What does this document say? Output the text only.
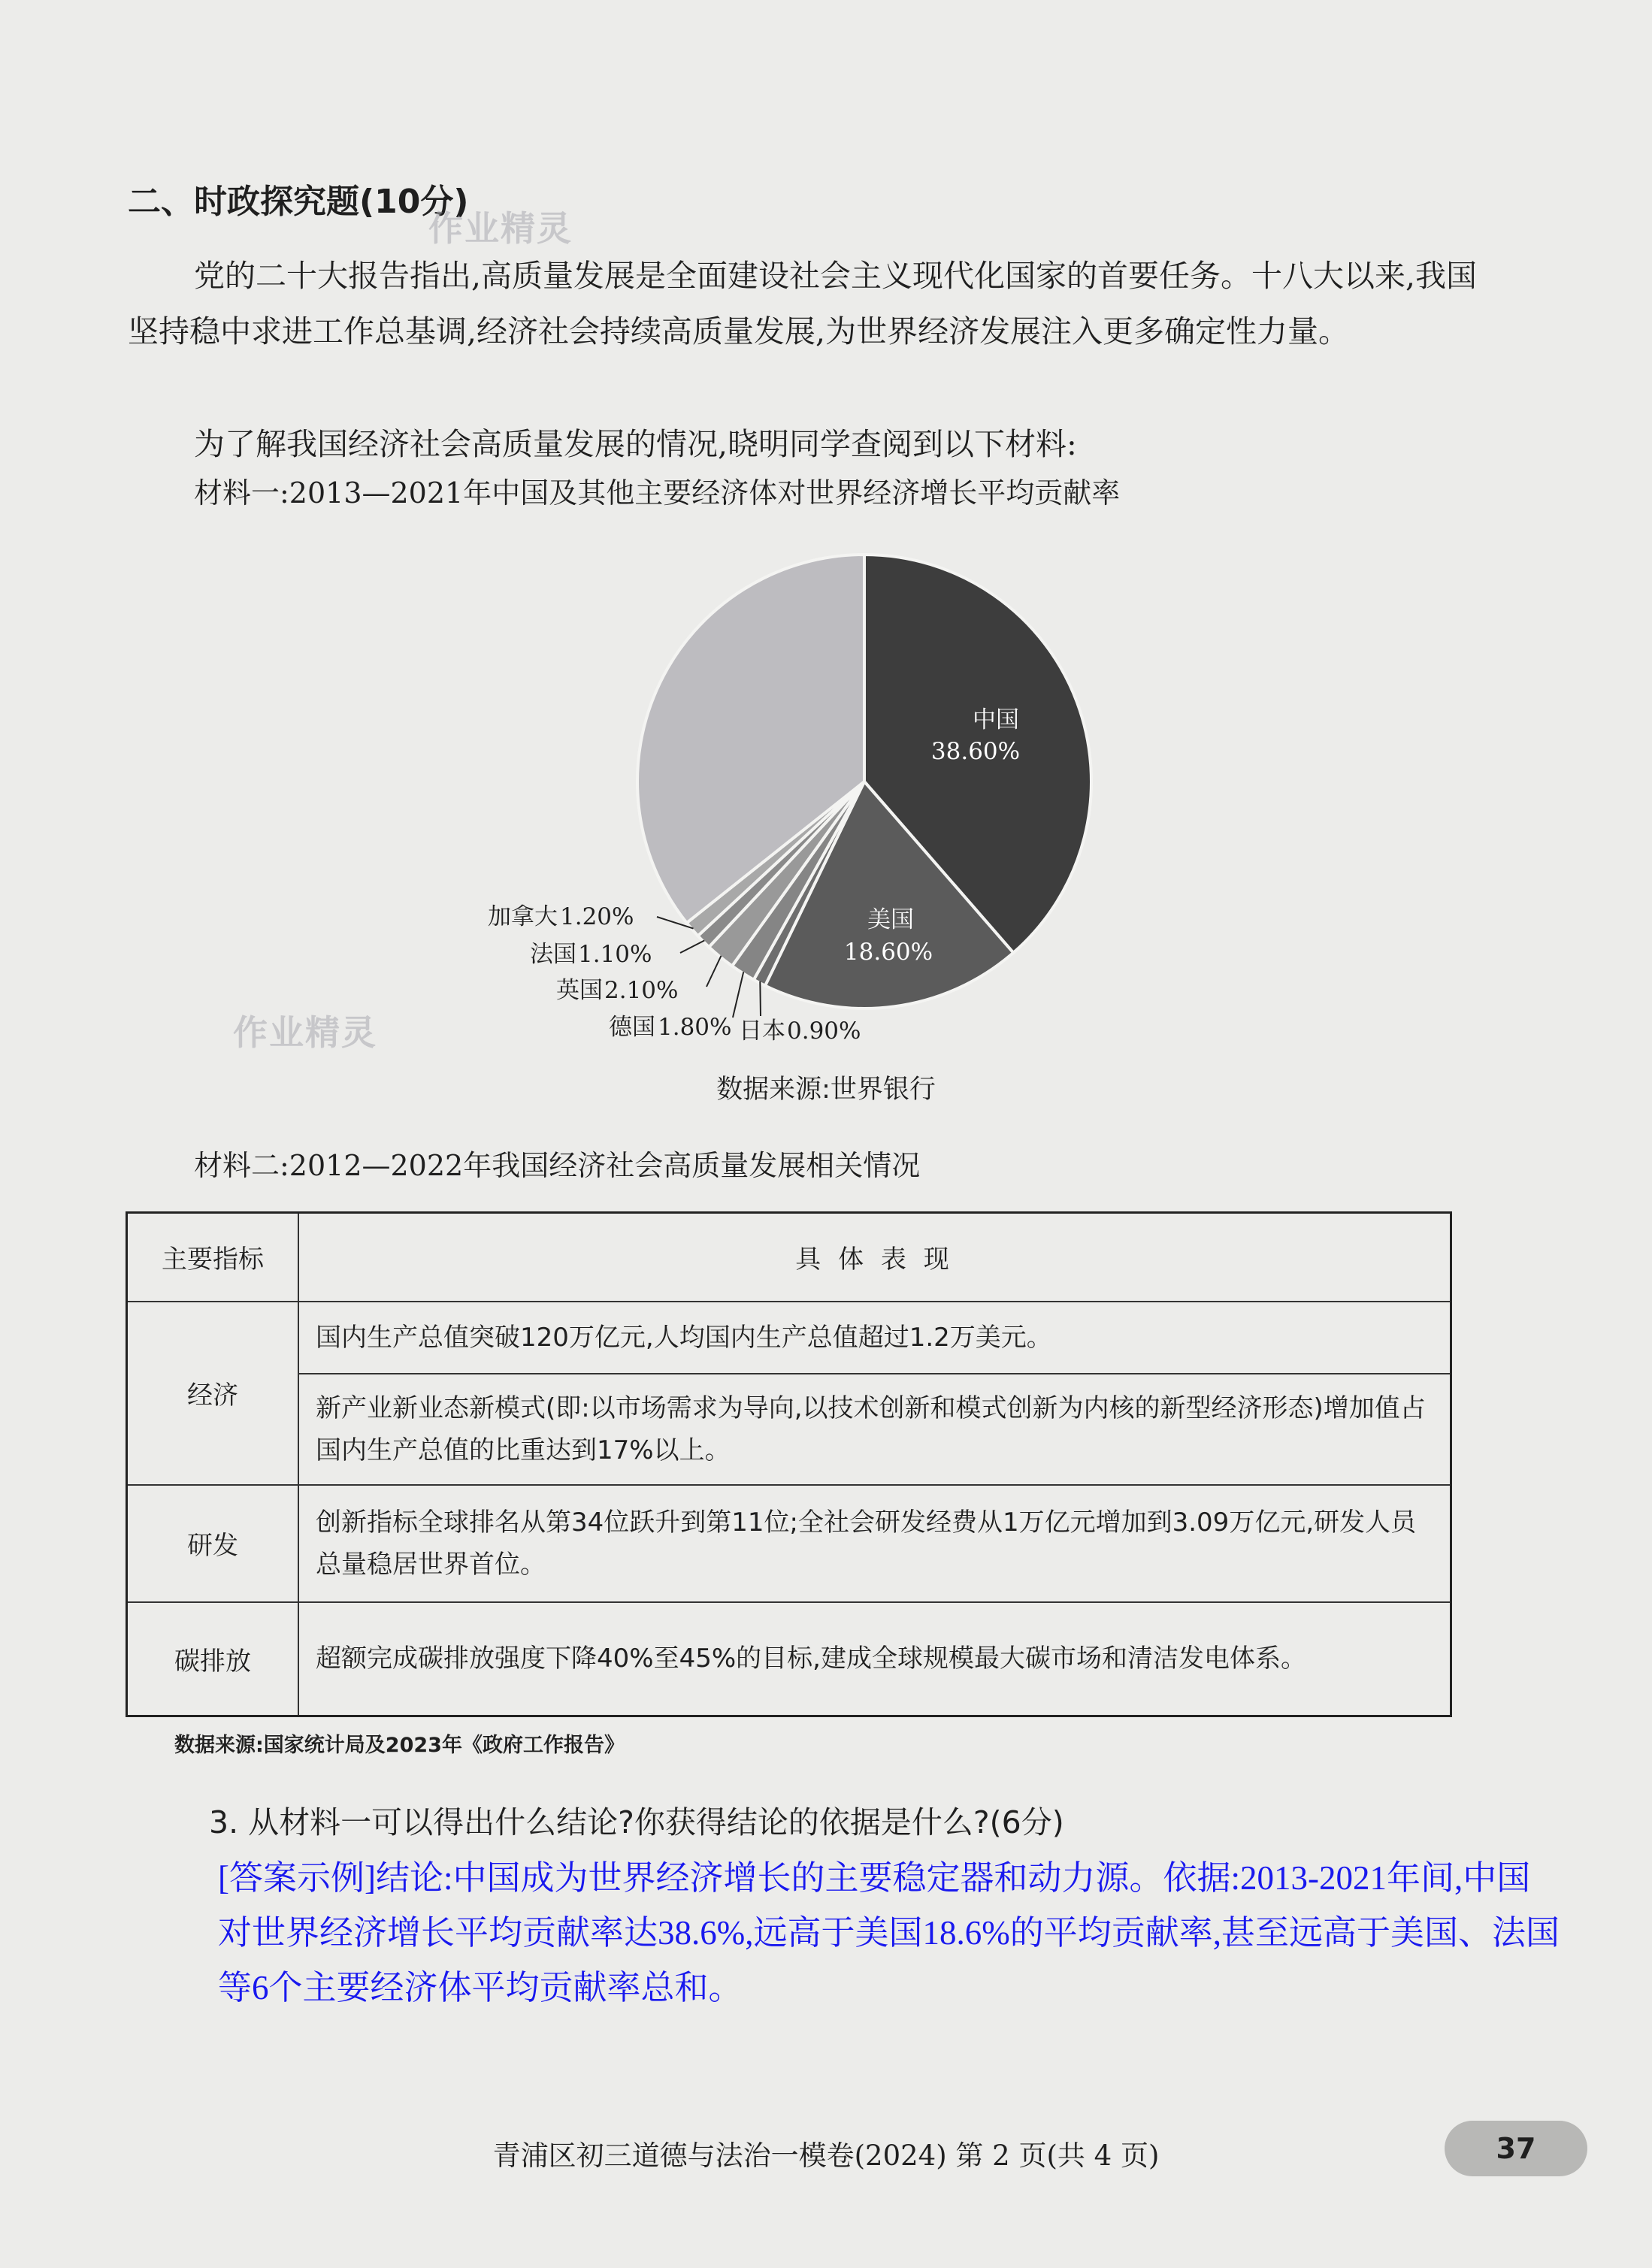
二、时政探究题(10分)
作业精灵
党的二十大报告指出,高质量发展是全面建设社会主义现代化国家的首要任务。十八大以来,我国坚持稳中求进工作总基调,经济社会持续高质量发展,为世界经济发展注入更多确定性力量。
为了解我国经济社会高质量发展的情况,晓明同学查阅到以下材料:
材料一:2013—2021年中国及其他主要经济体对世界经济增长平均贡献率
中国
38.60%
美国
18.60%
加拿大 1.20%
法国 1.10%
英国 2.10%
德国 1.80% 日本 0.90%
作业精灵
数据来源:世界银行
材料二:2012—2022年我国经济社会高质量发展相关情况
主要指标	具 体 表 现
经济	国内生产总值突破120万亿元,人均国内生产总值超过1.2万美元。
	新产业新业态新模式(即:以市场需求为导向,以技术创新和模式创新为内核的新型经济形态)增加值占国内生产总值的比重达到17%以上。
研发	创新指标全球排名从第34位跃升到第11位;全社会研发经费从1万亿元增加到3.09万亿元,研发人员总量稳居世界首位。
碳排放	超额完成碳排放强度下降40%至45%的目标,建成全球规模最大碳市场和清洁发电体系。
数据来源:国家统计局及2023年《政府工作报告》
3. 从材料一可以得出什么结论?你获得结论的依据是什么?(6分)
[答案示例]结论:中国成为世界经济增长的主要稳定器和动力源。依据:2013-2021年间,中国对世界经济增长平均贡献率达38.6%,远高于美国18.6%的平均贡献率,甚至远高于美国、法国等6个主要经济体平均贡献率总和。
青浦区初三道德与法治一模卷(2024) 第 2 页(共 4 页)	37
